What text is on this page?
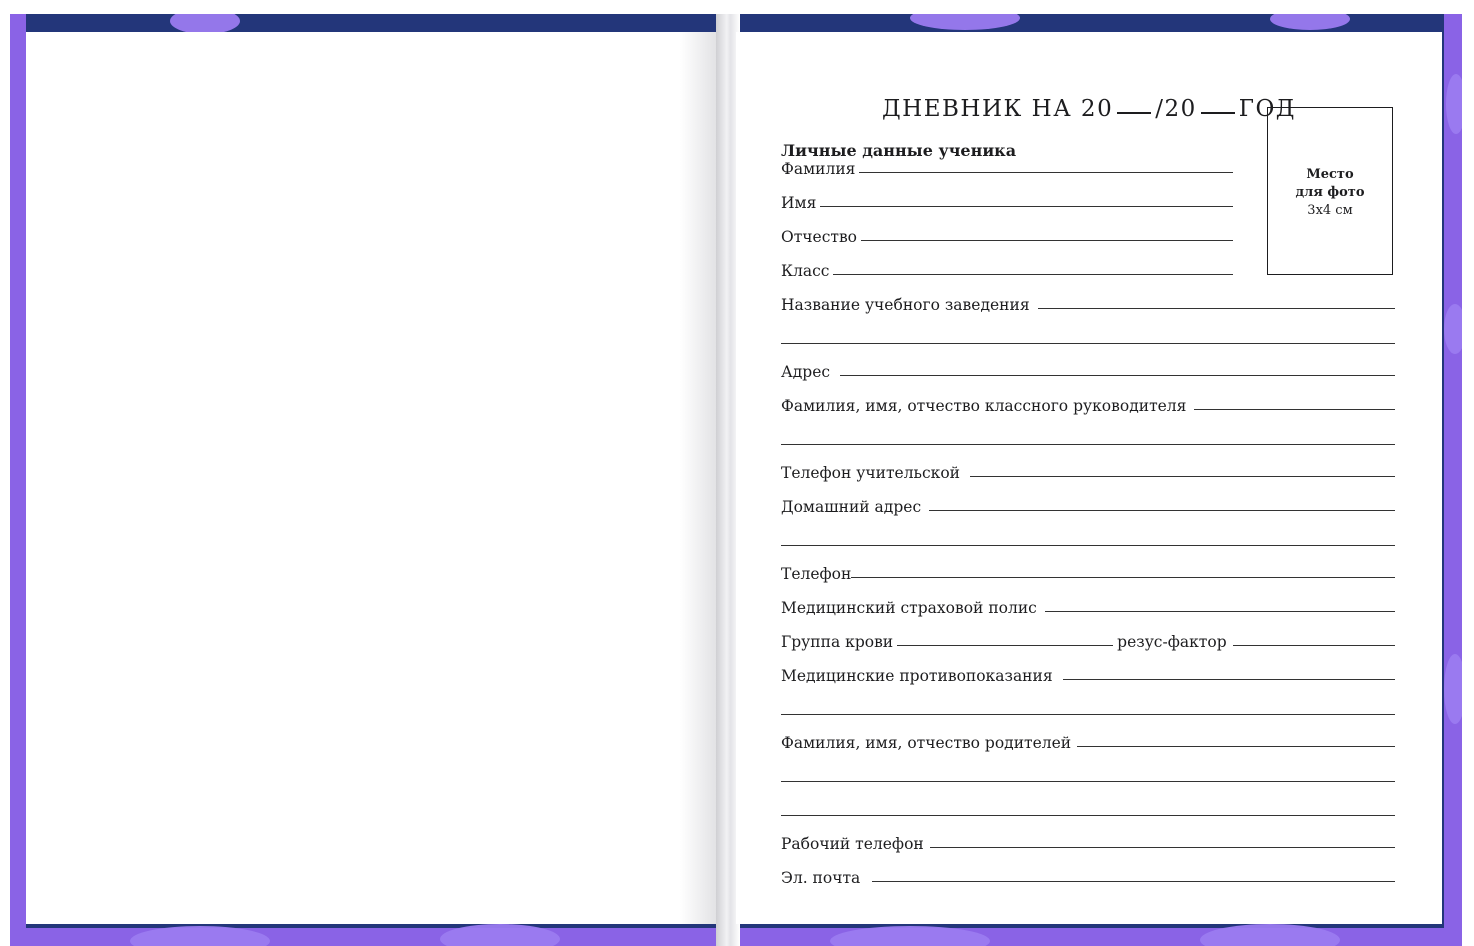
ДНЕВНИК НА 20 /20 ГОД
Личные данные ученика
Место
для фото
3x4 см
Фамилия
Имя
Отчество
Класс
Название учебного заведения
Адрес
Фамилия, имя, отчество классного руководителя
Телефон учительской
Домашний адрес
Телефон
Медицинский страховой полис
Группа крови	резус-фактор
Медицинские противопоказания
Фамилия, имя, отчество родителей
Рабочий телефон
Эл. почта
